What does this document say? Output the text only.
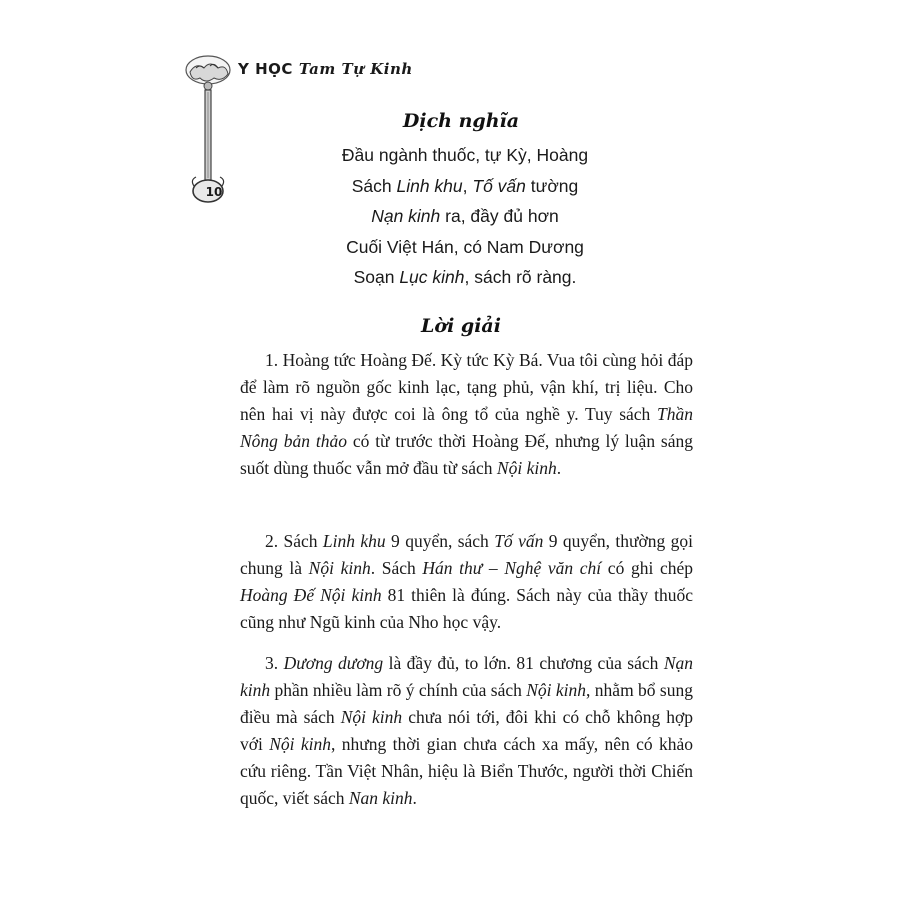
Y HỌC Tam Tự Kinh
10
Dịch nghĩa
Đầu ngành thuốc, tự Kỳ, Hoàng
Sách Linh khu, Tố vấn tường
Nạn kinh ra, đầy đủ hơn
Cuối Việt Hán, có Nam Dương
Soạn Lục kinh, sách rõ ràng.
Lời giải

1. Hoàng tức Hoàng Đế. Kỳ tức Kỳ Bá. Vua tôi cùng hỏi đáp để làm rõ nguồn gốc kinh lạc, tạng phủ, vận khí, trị liệu. Cho nên hai vị này được coi là ông tổ của nghề y. Tuy sách Thần Nông bản thảo có từ trước thời Hoàng Đế, nhưng lý luận sáng suốt dùng thuốc vẫn mở đầu từ sách Nội kinh.

2. Sách Linh khu 9 quyển, sách Tố vấn 9 quyển, thường gọi chung là Nội kinh. Sách Hán thư – Nghệ văn chí có ghi chép Hoàng Đế Nội kinh 81 thiên là đúng. Sách này của thầy thuốc cũng như Ngũ kinh của Nho học vậy.

3. Dương dương là đầy đủ, to lớn. 81 chương của sách Nạn kinh phần nhiều làm rõ ý chính của sách Nội kinh, nhằm bổ sung điều mà sách Nội kinh chưa nói tới, đôi khi có chỗ không hợp với Nội kinh, nhưng thời gian chưa cách xa mấy, nên có khảo cứu riêng. Tần Việt Nhân, hiệu là Biển Thước, người thời Chiến quốc, viết sách Nan kinh.
